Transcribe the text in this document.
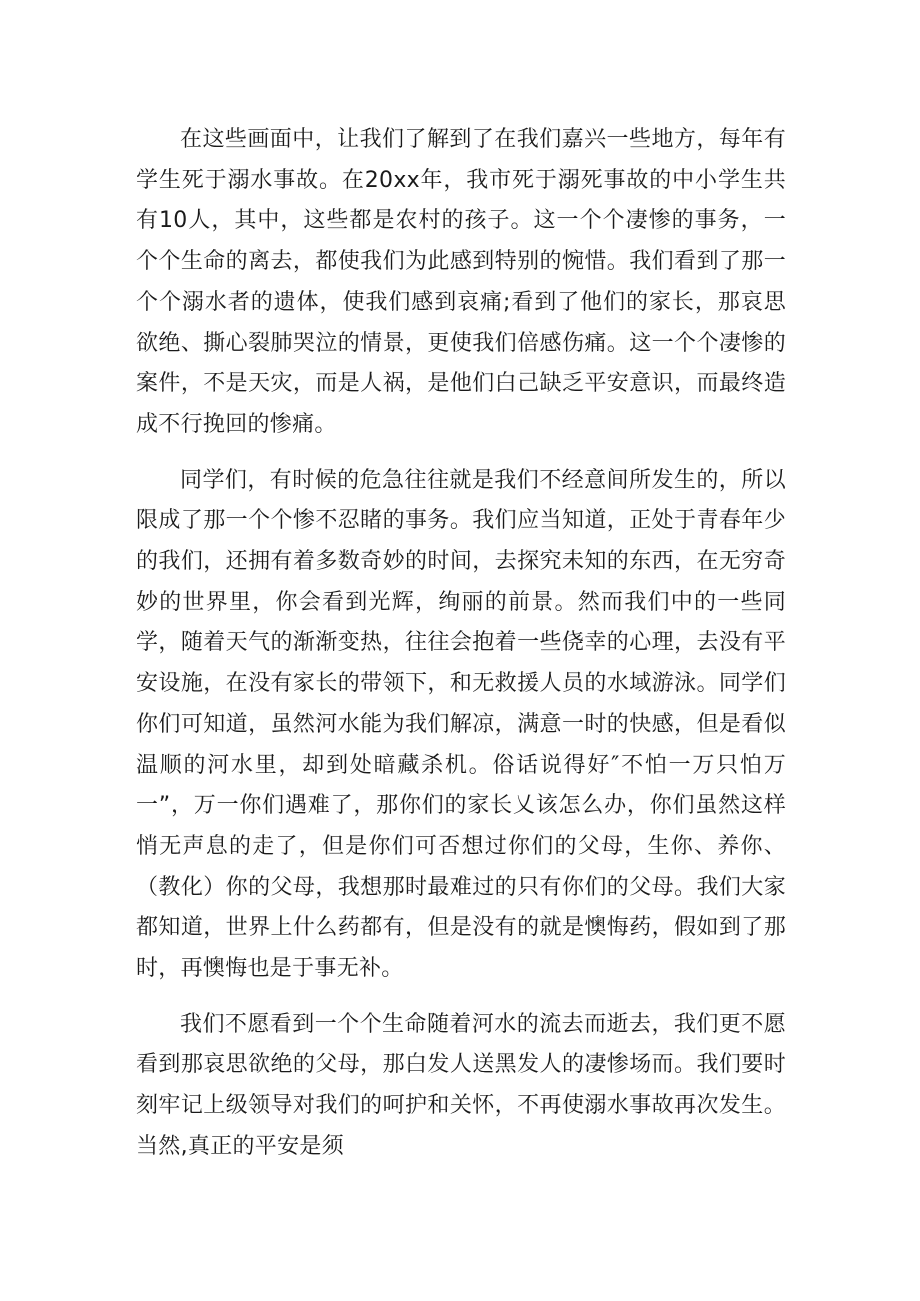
在这些画面中，让我们了解到了在我们嘉兴一些地方，每年有学生死于溺水事故。在20xx年，我市死于溺死事故的中小学生共有10人，其中，这些都是农村的孩子。这一个个凄惨的事务，一个个生命的离去，都使我们为此感到特别的惋惜。我们看到了那一个个溺水者的遗体，使我们感到哀痛;看到了他们的家长，那哀思欲绝、撕心裂肺哭泣的情景，更使我们倍感伤痛。这一个个凄惨的案件，不是天灾，而是人祸，是他们白己缺乏平安意识，而最终造成不行挽回的惨痛。

同学们，有时候的危急往往就是我们不经意间所发生的，所以限成了那一个个惨不忍睹的事务。我们应当知道，正处于青春年少的我们，还拥有着多数奇妙的时间，去探究未知的东西，在无穷奇妙的世界里，你会看到光辉，绚丽的前景。然而我们中的一些同学，随着天气的渐渐变热，往往会抱着一些侥幸的心理，去没有平安设施，在没有家长的带领下，和无救援人员的水域游泳。同学们你们可知道，虽然河水能为我们解凉，满意一时的快感，但是看似温顺的河水里，却到处暗藏杀机。俗话说得好″不怕一万只怕万一”，万一你们遇难了，那你们的家长乂该怎么办，你们虽然这样悄无声息的走了，但是你们可否想过你们的父母，生你、养你、（教化）你的父母，我想那时最难过的只有你们的父母。我们大家都知道，世界上什么药都有，但是没有的就是懊悔药，假如到了那时，再懊悔也是于事无补。

我们不愿看到一个个生命随着河水的流去而逝去，我们更不愿看到那哀思欲绝的父母，那白发人送黑发人的凄惨场而。我们要时刻牢记上级领导对我们的呵护和关怀，不再使溺水事故再次发生。当然,真正的平安是须
